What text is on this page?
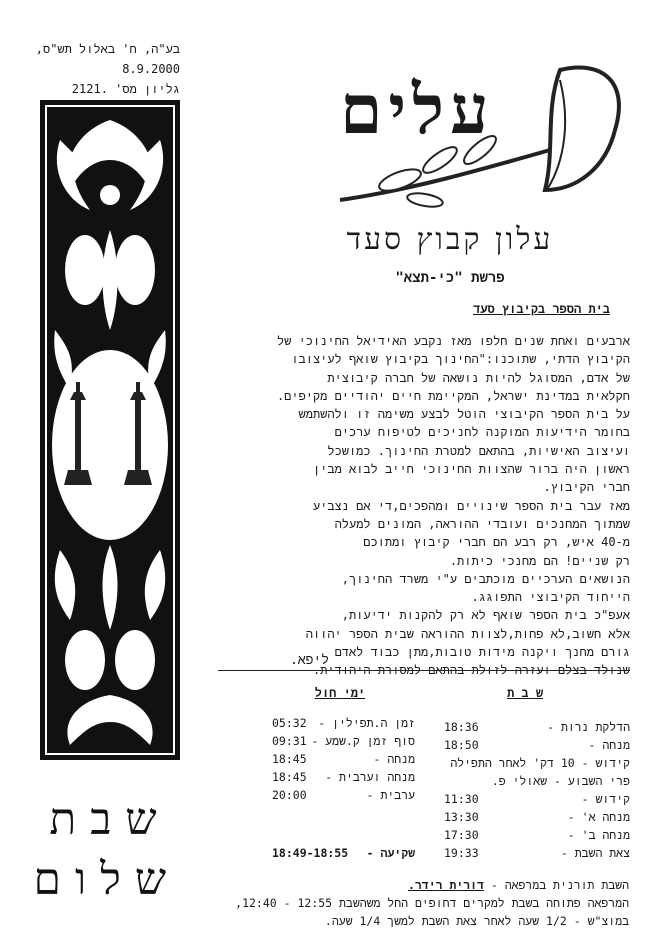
בע"ה, ח' באלול תש"ס,
8.9.2000
גליון מס' .2121
שבת
שלום
עלים
עלון קבוץ סעד
פרשת "כי-תצא"
בית הספר בקיבוץ סעד

ארבעים ואחת שנים חלפו מאז נקבע האידיאל החינוכי של

הקיבוץ הדתי, שתוכנו:"החינוך בקיבוץ שואף לעיצובו

של אדם, המסוגל להיות נושאה של חברה קיבוצית

חקלאית במדינת ישראל, המקיימת חיים יהודיים מקיפים.

על בית הספר הקיבוצי הוטל לבצע משימה זו ולהשתמש

בחומר הידיעות המוקנה לחניכים לטיפוח ערכים

ועיצוב האישיות, בהתאם למטרת החינוך. כמושכל

ראשון היה ברור שהצוות החינוכי חייב לבוא מבין

חברי הקיבוץ.

מאז עבר בית הספר שינויים ומהפכים,די אם נצביע

שמתוך המחנכים ועובדי ההוראה, המונים למעלה

מ-40 איש, רק רבע הם חברי קיבוץ ומתוכם

רק שניים! הם מחנכי כיתות.

הנושאים הערכיים מוכתבים ע"י משרד החינוך,

הייחוד הקיבוצי התפוגג.

אעפ"כ בית הספר שואף לא רק להקנות ידיעות,

אלא חשוב,לא פחות,לצוות ההוראה שבית הספר יהווה

גורם מחנך ויקנה מידות טובות,מתן כבוד לאדם

שנולד בצלם ועזרה לזולת בהתאם למסורת היהודית.

ליפא.
ש ב ת
הדלקת נרות -
18:36
מנחה -
18:50
קידוש - 10 דק' לאחר התפילה
פרי השבוע - שאולי פ.
קידוש -
11:30
מנחה א' -
13:30
מנחה ב' -
17:30
צאת השבת -
19:33
ימי חול
זמן ה.תפילין -
05:32
סוף זמן ק.שמע -
09:31
מנחה -
18:45
מנחה וערבית -
18:45
ערבית -
20:00
שקיעה -
18:49-18:55
השבת תורנית במרפאה - דורית רידר.
המרפאה פתוחה בשבת למקרים דחופים החל משהשבת 12:55 - 12:40,
במוצ"ש - 1/2 שעה לאחר צאת השבת למשך 1/4 שעה.
